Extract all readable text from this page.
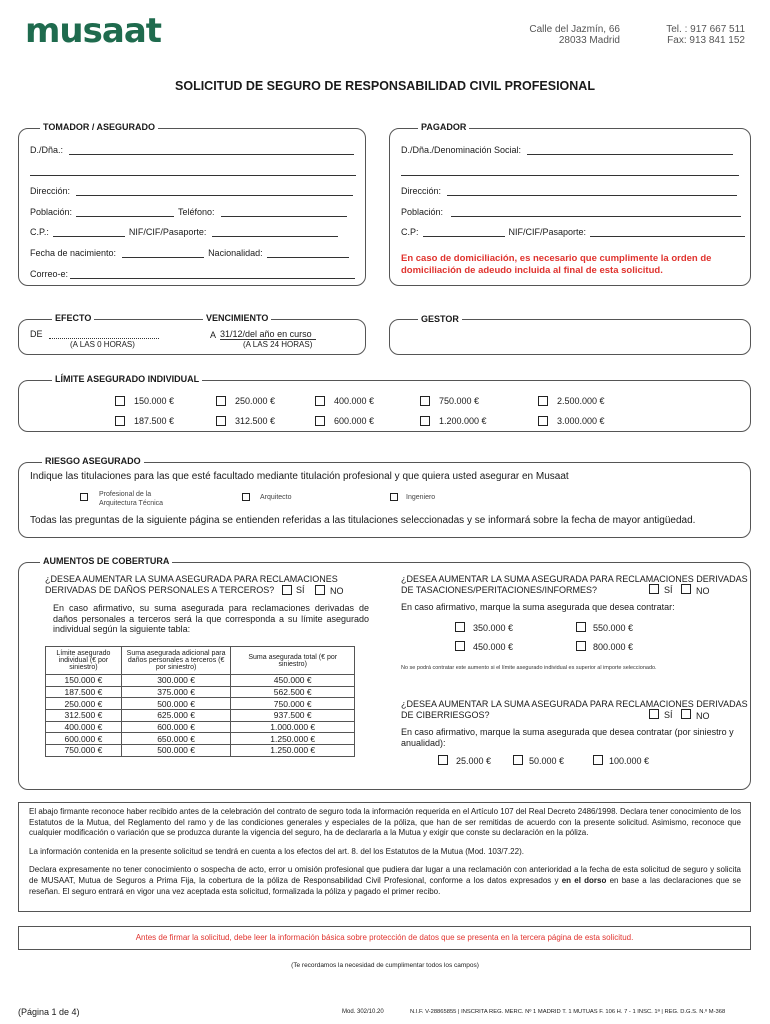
musaat	Calle del Jazmín, 66
28033 Madrid
Tel. : 917 667 511
Fax: 913 841 152
SOLICITUD DE SEGURO DE RESPONSABILIDAD CIVIL PROFESIONAL
TOMADOR / ASEGURADO
D./Dña.:
Dirección:
Población:	Teléfono:
C.P.:	NIF/CIF/Pasaporte:
Fecha de nacimiento:	Nacionalidad:
Correo-e:
PAGADOR
D./Dña./Denominación Social:
Dirección:
Población:
C.P:	NIF/CIF/Pasaporte:
En caso de domiciliación, es necesario que cumplimente la orden de domiciliación de adeudo incluida al final de esta solicitud.
EFECTO	VENCIMIENTO
DE
(A LAS 0 HORAS)
A 31/12/del año en curso
(A LAS 24 HORAS)
GESTOR
LÍMITE ASEGURADO INDIVIDUAL
150.000 €	250.000 €	400.000 €	750.000 €	2.500.000 €
187.500 €	312.500 €	600.000 €	1.200.000 €	3.000.000 €
RIESGO ASEGURADO
Indique las titulaciones para las que esté facultado mediante titulación profesional y que quiera usted asegurar en Musaat
Profesional de la
Arquitectura Técnica
Arquitecto	Ingeniero
Todas las preguntas de la siguiente página se entienden referidas a las titulaciones seleccionadas y se informará sobre la fecha de mayor antigüedad.
AUMENTOS DE COBERTURA
¿DESEA AUMENTAR LA SUMA ASEGURADA PARA RECLAMACIONES
DERIVADAS DE DAÑOS PERSONALES A TERCEROS?	SÍ	NO
En caso afirmativo, su suma asegurada para reclamaciones derivadas de daños personales a terceros será la que corresponda a su límite asegurado individual según la siguiente tabla:
Límite asegurado individual (€ por siniestro)	Suma asegurada adicional para daños personales a terceros (€ por siniestro)	Suma asegurada total (€ por siniestro)
150.000 €	300.000 €	450.000 €
187.500 €	375.000 €	562.500 €
250.000 €	500.000 €	750.000 €
312.500 €	625.000 €	937.500 €
400.000 €	600.000 €	1.000.000 €
600.000 €	650.000 €	1.250.000 €
750.000 €	500.000 €	1.250.000 €
¿DESEA AUMENTAR LA SUMA ASEGURADA PARA RECLAMACIONES DERIVADAS
DE TASACIONES/PERITACIONES/INFORMES?	SÍ	NO
En caso afirmativo, marque la suma asegurada que desea contratar:
350.000 €	550.000 €
450.000 €	800.000 €
No se podrá contratar este aumento si el límite asegurado individual es superior al importe seleccionado.
¿DESEA AUMENTAR LA SUMA ASEGURADA PARA RECLAMACIONES DERIVADAS
DE CIBERRIESGOS?	SÍ	NO
En caso afirmativo, marque la suma asegurada que desea contratar (por siniestro y anualidad):
25.000 €	50.000 €	100.000 €

El abajo firmante reconoce haber recibido antes de la celebración del contrato de seguro toda la información requerida en el Artículo 107 del Real Decreto 2486/1998. Declara tener conocimiento de los Estatutos de la Mutua, del Reglamento del ramo y de las condiciones generales y especiales de la póliza, que han de ser remitidas de acuerdo con la presente solicitud. Asimismo, reconoce que cualquier modificación o variación que se produzca durante la vigencia del seguro, ha de declararla a la Mutua y exigir que conste su declaración en la póliza.

La información contenida en la presente solicitud se tendrá en cuenta a los efectos del art. 8. del los Estatutos de la Mutua (Mod. 103/7.22).

Declara expresamente no tener conocimiento o sospecha de acto, error u omisión profesional que pudiera dar lugar a una reclamación con anterioridad a la fecha de esta solicitud de seguro y solicita de MUSAAT, Mutua de Seguros a Prima Fija, la cobertura de la póliza de Responsabilidad Civil Profesional, conforme a los datos expresados y en el dorso en base a las declaraciones que se reseñan. El seguro entrará en vigor una vez aceptada esta solicitud, formalizada la póliza y pagado el primer recibo.

Antes de firmar la solicitud, debe leer la información básica sobre protección de datos que se presenta en la tercera página de esta solicitud.
(Te recordamos la necesidad de cumplimentar todos los campos)
(Página 1 de 4)	Mod. 302/10.20	N.I.F. V-28865855 | INSCRITA REG. MERC. Nº 1 MADRID T. 1 MUTUAS F. 106 H. 7 - 1 INSC. 1ª | REG. D.G.S. N.º M-368
